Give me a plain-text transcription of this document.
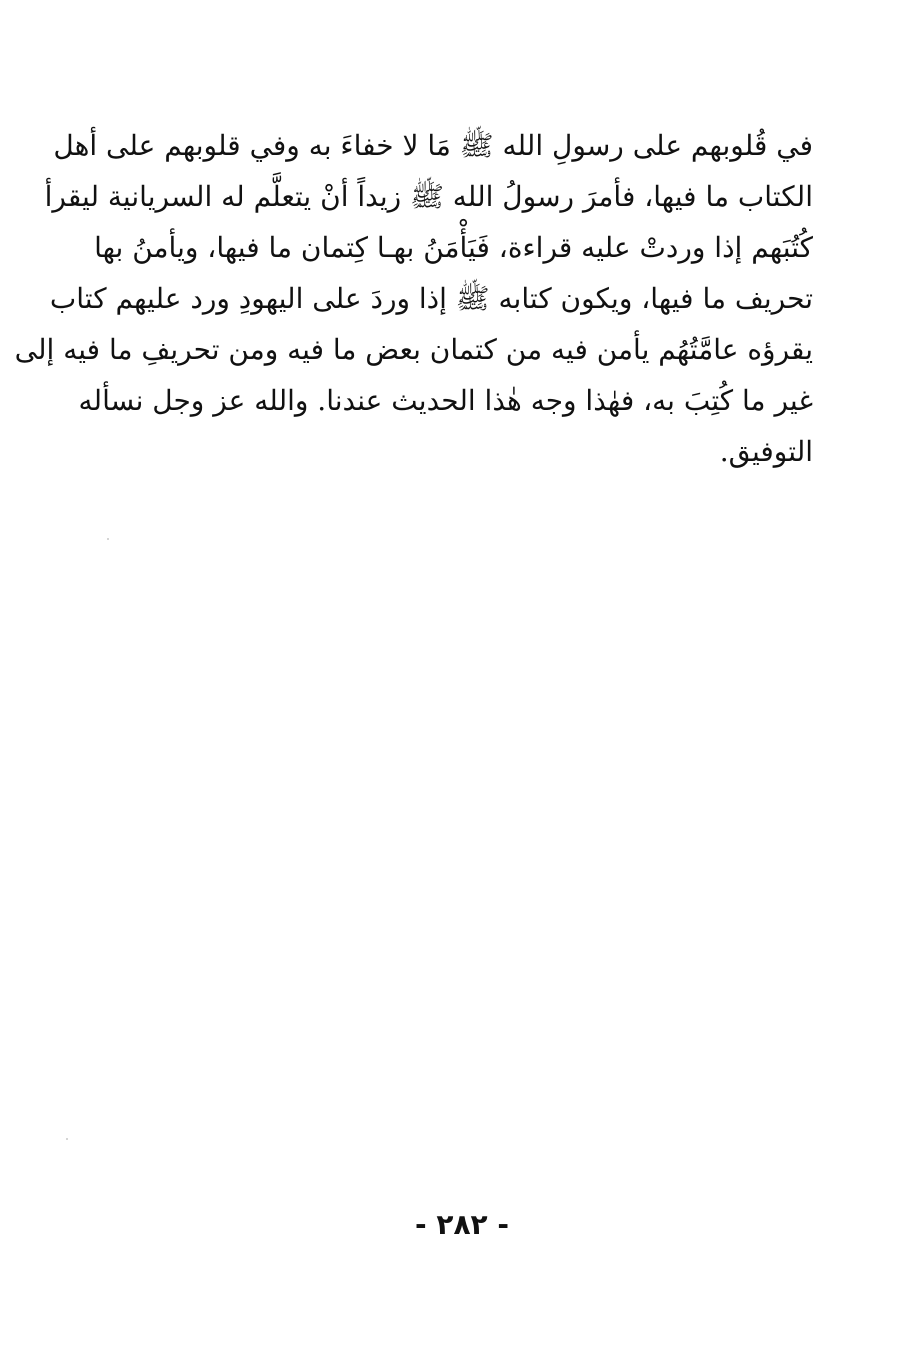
في قُلوبهم على رسولِ الله ﷺ مَا لا خفاءَ به وفي قلوبهم على أهل
الكتاب ما فيها، فأمرَ رسولُ الله ﷺ زيداً أنْ يتعلَّم له السريانية ليقرأ
كُتُبَهم إذا وردتْ عليه قراءة، فَيَأْمَنُ بهـا كِتمان ما فيها، ويأمنُ بها
تحريف ما فيها، ويكون كتابه ﷺ إذا وردَ على اليهودِ ورد عليهم كتاب
يقرؤه عامَّتُهُم يأمن فيه من كتمان بعض ما فيه ومن تحريفِ ما فيه إلى
غير ما كُتِبَ به، فهٰذا وجه هٰذا الحديث عندنا. والله عز وجل نسأله
التوفيق.
- ٢٨٢ -
